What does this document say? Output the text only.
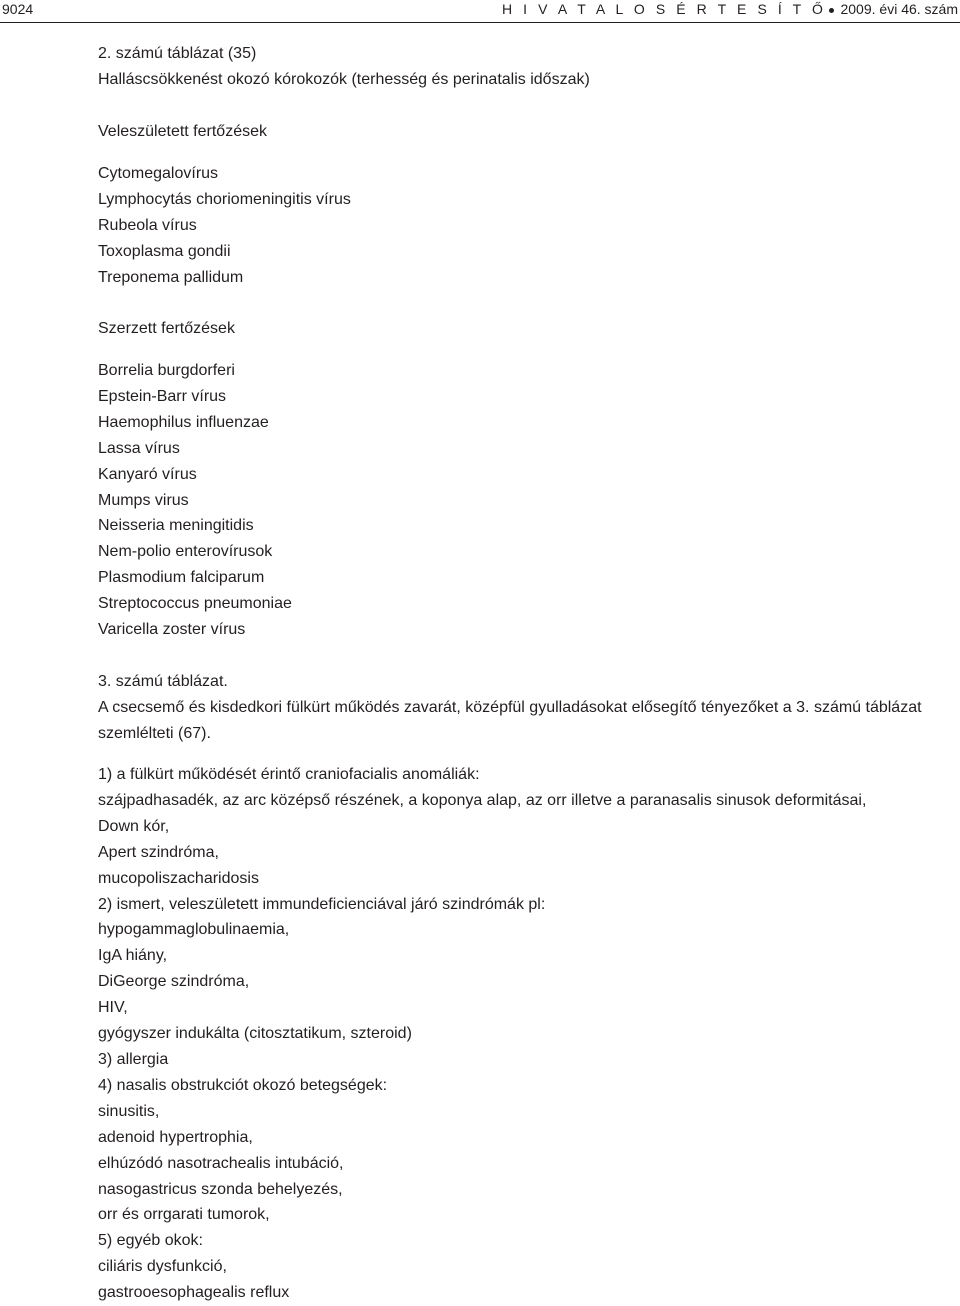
9024	H I V A T A L O S É R T E S Í T Ő 2009. évi 46. szám
2. számú táblázat (35)
Halláscsökkenést okozó kórokozók (terhesség és perinatalis időszak)
Veleszületett fertőzések
Cytomegalovírus
Lymphocytás choriomeningitis vírus
Rubeola vírus
Toxoplasma gondii
Treponema pallidum
Szerzett fertőzések
Borrelia burgdorferi
Epstein-Barr vírus
Haemophilus influenzae
Lassa vírus
Kanyaró vírus
Mumps virus
Neisseria meningitidis
Nem-polio enterovírusok
Plasmodium falciparum
Streptococcus pneumoniae
Varicella zoster vírus
3. számú táblázat.
A csecsemő és kisdedkori fülkürt működés zavarát, középfül gyulladásokat elősegítő tényezőket a 3. számú táblázat szemlélteti (67).
1) a fülkürt működését érintő craniofacialis anomáliák:
szájpadhasadék, az arc középső részének, a koponya alap, az orr illetve a paranasalis sinusok deformitásai,
Down kór,
Apert szindróma,
mucopoliszacharidosis
2) ismert, veleszületett immundeficienciával járó szindrómák pl:
hypogammaglobulinaemia,
IgA hiány,
DiGeorge szindróma,
HIV,
gyógyszer indukálta (citosztatikum, szteroid)
3) allergia
4) nasalis obstrukciót okozó betegségek:
sinusitis,
adenoid hypertrophia,
elhúzódó nasotrachealis intubáció,
nasogastricus szonda behelyezés,
orr és orrgarati tumorok,
5) egyéb okok:
ciliáris dysfunkció,
gastrooesophagealis reflux
